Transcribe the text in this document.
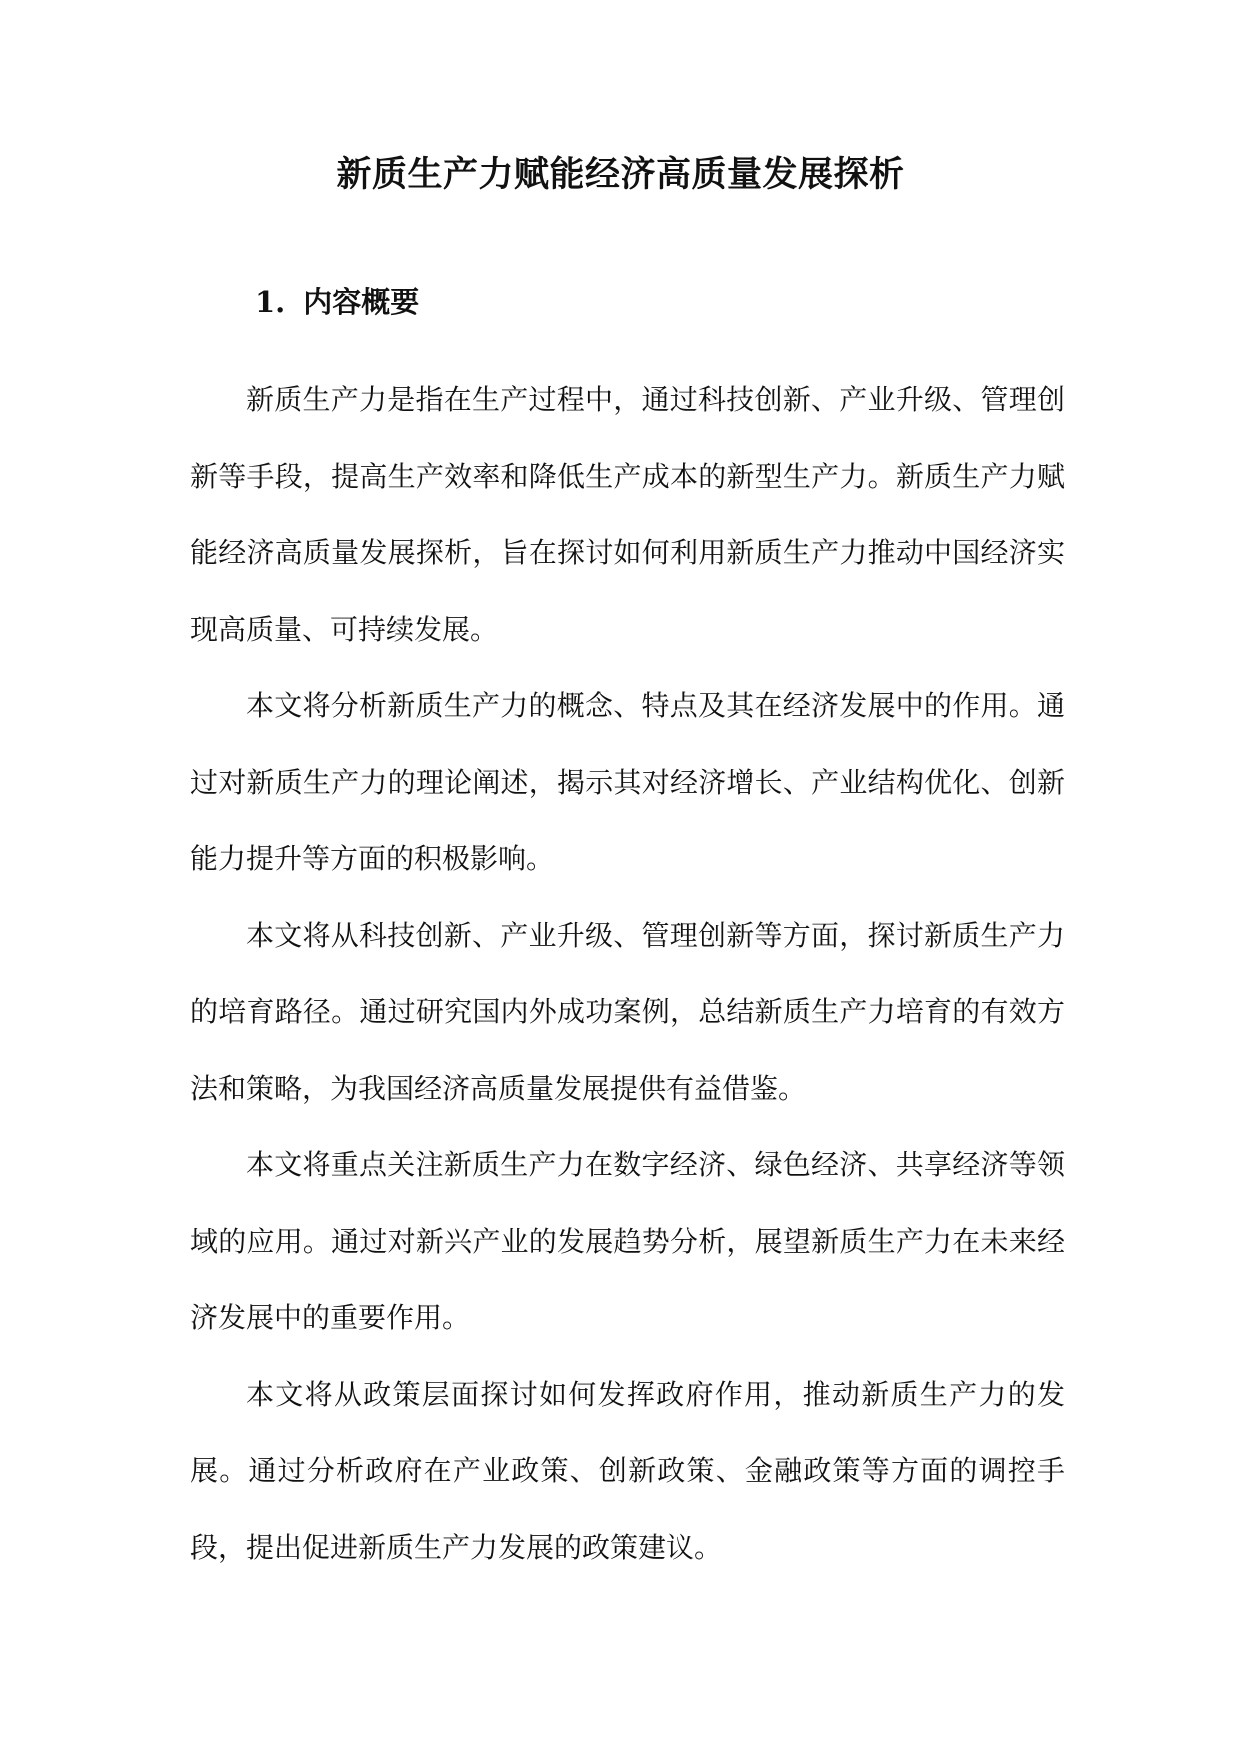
新质生产力赋能经济高质量发展探析
1. 内容概要

新质生产力是指在生产过程中，通过科技创新、产业升级、管理创新等手段，提高生产效率和降低生产成本的新型生产力。新质生产力赋能经济高质量发展探析，旨在探讨如何利用新质生产力推动中国经济实现高质量、可持续发展。

本文将分析新质生产力的概念、特点及其在经济发展中的作用。通过对新质生产力的理论阐述，揭示其对经济增长、产业结构优化、创新能力提升等方面的积极影响。

本文将从科技创新、产业升级、管理创新等方面，探讨新质生产力的培育路径。通过研究国内外成功案例，总结新质生产力培育的有效方法和策略，为我国经济高质量发展提供有益借鉴。

本文将重点关注新质生产力在数字经济、绿色经济、共享经济等领域的应用。通过对新兴产业的发展趋势分析，展望新质生产力在未来经济发展中的重要作用。

本文将从政策层面探讨如何发挥政府作用，推动新质生产力的发展。通过分析政府在产业政策、创新政策、金融政策等方面的调控手段，提出促进新质生产力发展的政策建议。
